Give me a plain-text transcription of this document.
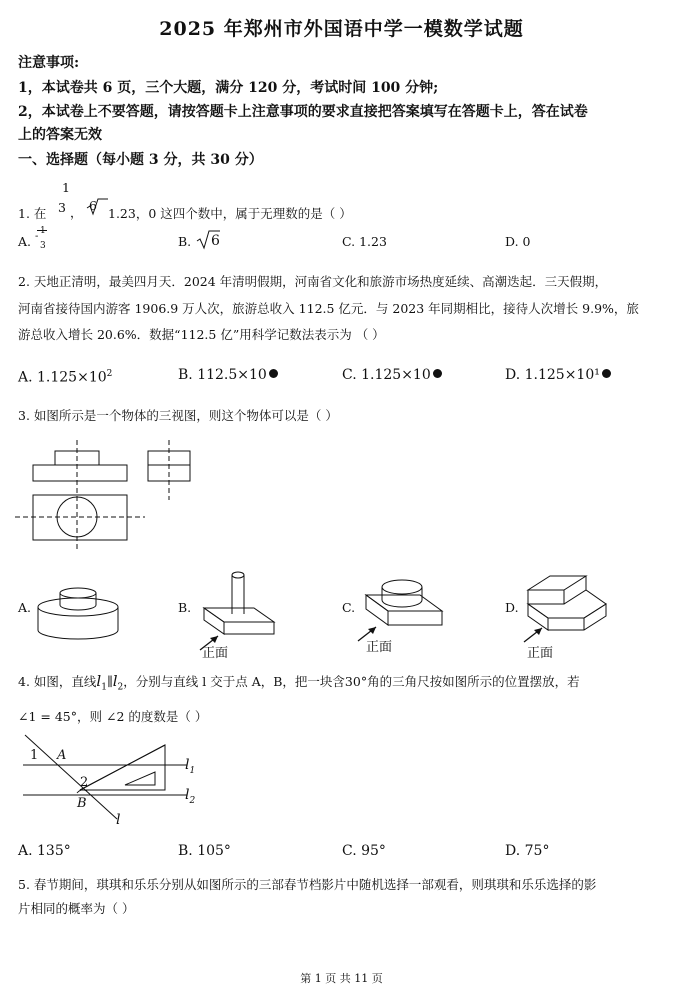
2025 年郑州市外国语中学一模数学试题
注意事项:
1，本试卷共 6 页，三个大题，满分 120 分，考试时间 100 分钟;
2，本试卷上不要答题，请按答题卡上注意事项的要求直接把答案填写在答题卡上，答在试卷
上的答案无效
一、选择题（每小题 3 分，共 30 分）
1
1. 在 3 ， 6
1.23，0 这四个数中，属于无理数的是（ ）
A.
1
3
-	B. 6	C. 1.23	D. 0
2. 天地正清明，最美四月天．2024 年清明假期，河南省文化和旅游市场热度延续、高潮迭起．三天假期，
河南省接待国内游客 1906.9 万人次，旅游总收入 112.5 亿元．与 2023 年同期相比，接待人次增长 9.9%，旅
游总收入增长 20.6%．数据“112.5 亿”用科学记数法表示为 （ ）
A. $1.125\times 10^2$	B. 112.5×10	C. 1.125×10	D. 1.125×10¹
3. 如图所示是一个物体的三视图，则这个物体可以是（ ）
A.	B.
正面
C.
正面
D.
正面
4. 如图，直线$l_1\parallel l_2$，分别与直线 l 交于点 A，B，把一块含30°角的三角尺按如图所示的位置摆放，若
∠1 = 45°，则 ∠2 的度数是（ ）
1 A
2
B
l
$l_1$
$l_2$
A. 135°	B. 105°	C. 95°	D. 75°
5. 春节期间，琪琪和乐乐分别从如图所示的三部春节档影片中随机选择一部观看，则琪琪和乐乐选择的影
片相同的概率为（ ）
第 1 页 共 11 页
